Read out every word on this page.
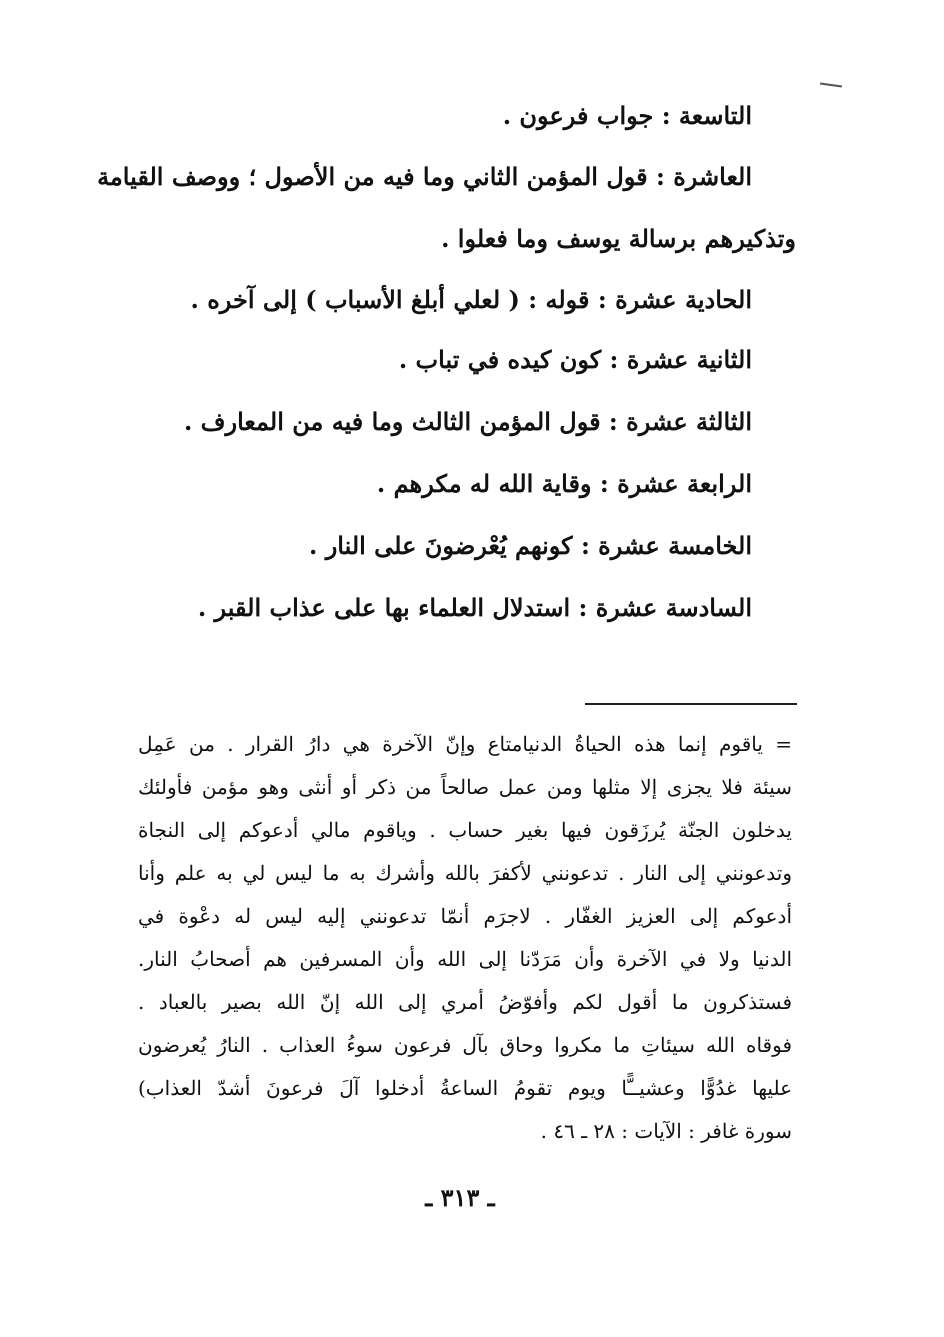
التاسعة : جواب فرعون .
العاشرة : قول المؤمن الثاني وما فيه من الأصول ؛ ووصف القيامة
وتذكيرهم برسالة يوسف وما فعلوا .
الحادية عشرة : قوله : ( لعلي أبلغ الأسباب ) إلى آخره .
الثانية عشرة : كون كيده في تباب .
الثالثة عشرة : قول المؤمن الثالث وما فيه من المعارف .
الرابعة عشرة : وقاية الله له مكرهم .
الخامسة عشرة : كونهم يُعْرضونَ على النار .
السادسة عشرة : استدلال العلماء بها على عذاب القبر .
= ياقوم إنما هذه الحياةُ الدنيامتاع وإنّ الآخرة هي دارُ القرار . من عَمِل
سيئة فلا يجزى إلا مثلها ومن عمل صالحاً من ذكر أو أنثى وهو مؤمن فأولئك
يدخلون الجنّة يُرزَقون فيها بغير حساب . وياقوم مالي أدعوكم إلى النجاة
وتدعونني إلى النار . تدعونني لأكفرَ بالله وأشرك به ما ليس لي به علم وأنا
أدعوكم إلى العزيز الغفّار . لاجرَم أنمّا تدعونني إليه ليس له دعْوة في
الدنيا ولا في الآخرة وأن مَرَدّنا إلى الله وأن المسرفين هم أصحابُ النار.
فستذكرون ما أقول لكم وأفوّضُ أمري إلى الله إنّ الله بصير بالعباد .
فوقاه الله سيئاتِ ما مكروا وحاق بآل فرعون سوءُ العذاب . النارُ يُعرضون
عليها غدُوًّا وعشيــًّا ويوم تقومُ الساعةُ أدخلوا آلَ فرعونَ أشدّ العذاب)
سورة غافر : الآيات : ٢٨ ـ ٤٦ .
ـ ٣١٣ ـ
